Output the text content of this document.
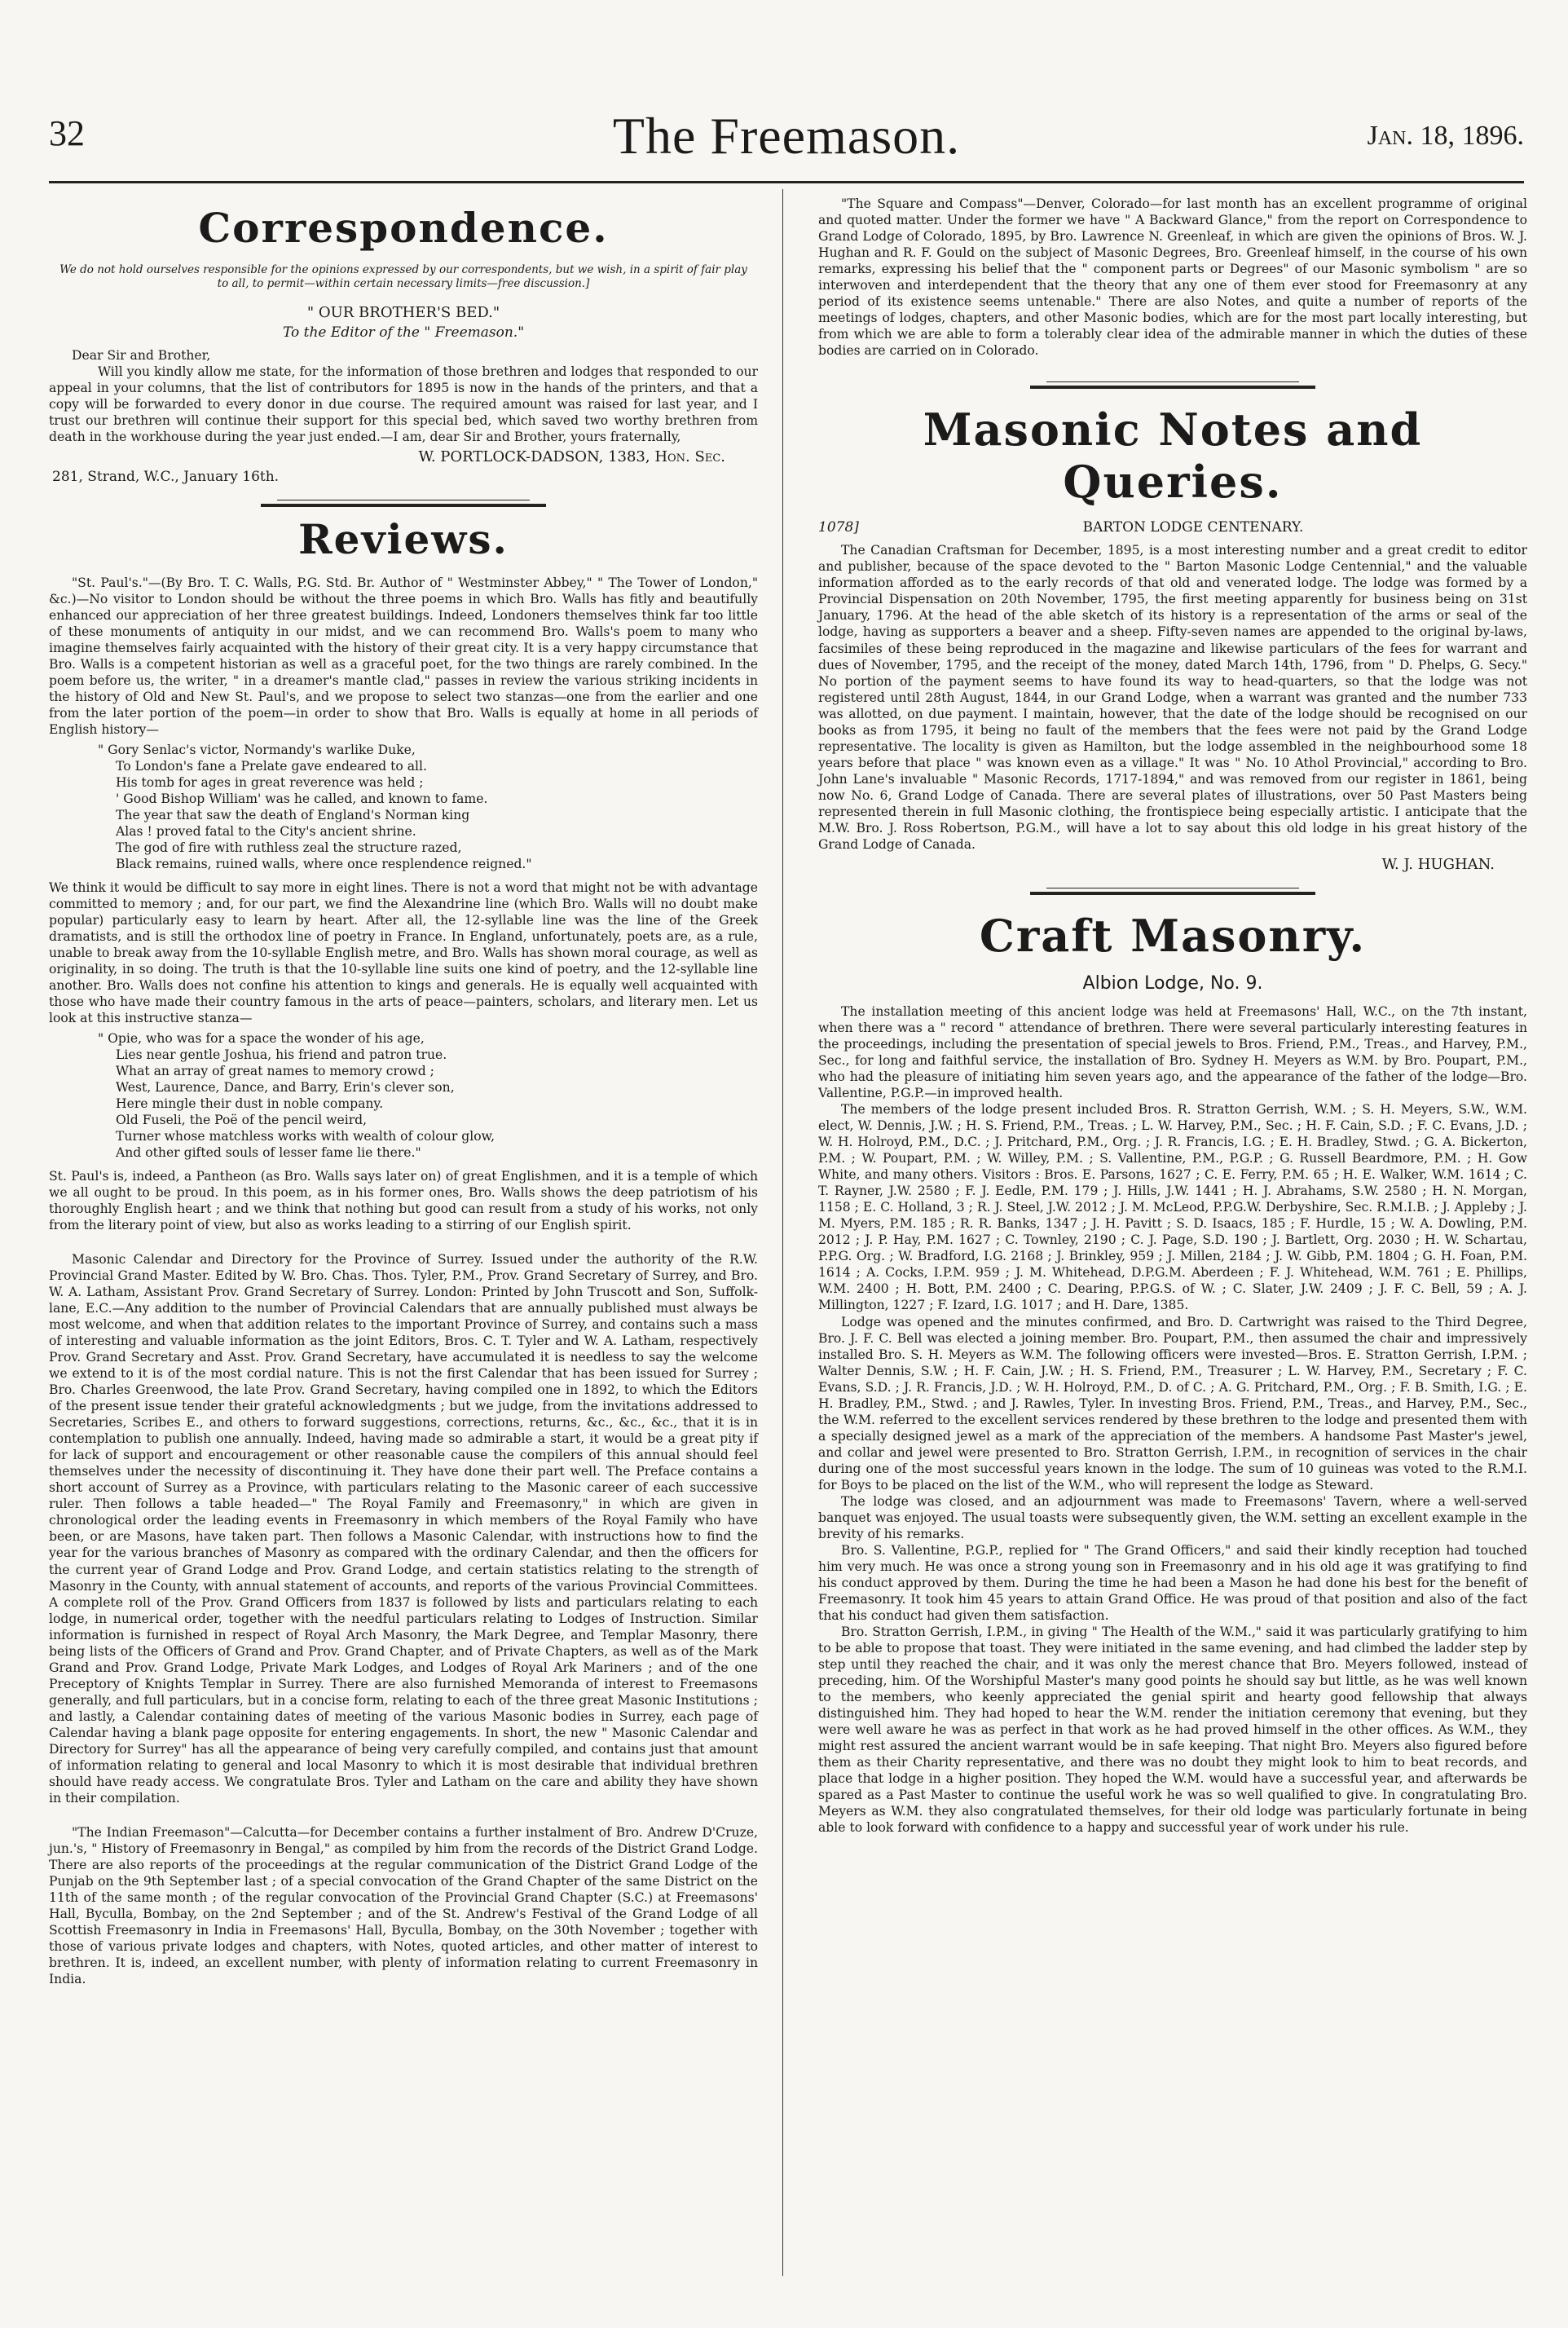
32	The Freemason.	Jan. 18, 1896.
Correspondence.
We do not hold ourselves responsible for the opinions expressed by our correspondents, but we wish, in a spirit of fair play to all, to permit—within certain necessary limits—free discussion.]
" OUR BROTHER'S BED."
To the Editor of the " Freemason."

Dear Sir and Brother,

Will you kindly allow me state, for the information of those brethren and lodges that responded to our appeal in your columns, that the list of contributors for 1895 is now in the hands of the printers, and that a copy will be forwarded to every donor in due course. The required amount was raised for last year, and I trust our brethren will continue their support for this special bed, which saved two worthy brethren from death in the workhouse during the year just ended.—I am, dear Sir and Brother, yours fraternally,

W. PORTLOCK-DADSON, 1383, Hon. Sec.
281, Strand, W.C., January 16th.
Reviews.

"St. Paul's."—(By Bro. T. C. Walls, P.G. Std. Br. Author of " Westminster Abbey," " The Tower of London," &c.)—No visitor to London should be without the three poems in which Bro. Walls has fitly and beautifully enhanced our appreciation of her three greatest buildings. Indeed, Londoners themselves think far too little of these monuments of antiquity in our midst, and we can recommend Bro. Walls's poem to many who imagine themselves fairly acquainted with the history of their great city. It is a very happy circumstance that Bro. Walls is a competent historian as well as a graceful poet, for the two things are rarely combined. In the poem before us, the writer, " in a dreamer's mantle clad," passes in review the various striking incidents in the history of Old and New St. Paul's, and we propose to select two stanzas—one from the earlier and one from the later portion of the poem—in order to show that Bro. Walls is equally at home in all periods of English history—

" Gory Senlac's victor, Normandy's warlike Duke,
To London's fane a Prelate gave endeared to all.
His tomb for ages in great reverence was held ;
' Good Bishop William' was he called, and known to fame.
The year that saw the death of England's Norman king
Alas ! proved fatal to the City's ancient shrine.
The god of fire with ruthless zeal the structure razed,
Black remains, ruined walls, where once resplendence reigned."

We think it would be difficult to say more in eight lines. There is not a word that might not be with advantage committed to memory ; and, for our part, we find the Alexandrine line (which Bro. Walls will no doubt make popular) particularly easy to learn by heart. After all, the 12-syllable line was the line of the Greek dramatists, and is still the orthodox line of poetry in France. In England, unfortunately, poets are, as a rule, unable to break away from the 10-syllable English metre, and Bro. Walls has shown moral courage, as well as originality, in so doing. The truth is that the 10-syllable line suits one kind of poetry, and the 12-syllable line another. Bro. Walls does not confine his attention to kings and generals. He is equally well acquainted with those who have made their country famous in the arts of peace—painters, scholars, and literary men. Let us look at this instructive stanza—

" Opie, who was for a space the wonder of his age,
Lies near gentle Joshua, his friend and patron true.
What an array of great names to memory crowd ;
West, Laurence, Dance, and Barry, Erin's clever son,
Here mingle their dust in noble company.
Old Fuseli, the Poë of the pencil weird,
Turner whose matchless works with wealth of colour glow,
And other gifted souls of lesser fame lie there."

St. Paul's is, indeed, a Pantheon (as Bro. Walls says later on) of great Englishmen, and it is a temple of which we all ought to be proud. In this poem, as in his former ones, Bro. Walls shows the deep patriotism of his thoroughly English heart ; and we think that nothing but good can result from a study of his works, not only from the literary point of view, but also as works leading to a stirring of our English spirit.

Masonic Calendar and Directory for the Province of Surrey. Issued under the authority of the R.W. Provincial Grand Master. Edited by W. Bro. Chas. Thos. Tyler, P.M., Prov. Grand Secretary of Surrey, and Bro. W. A. Latham, Assistant Prov. Grand Secretary of Surrey. London: Printed by John Truscott and Son, Suffolk-lane, E.C.—Any addition to the number of Provincial Calendars that are annually published must always be most welcome, and when that addition relates to the important Province of Surrey, and contains such a mass of interesting and valuable information as the joint Editors, Bros. C. T. Tyler and W. A. Latham, respectively Prov. Grand Secretary and Asst. Prov. Grand Secretary, have accumulated it is needless to say the welcome we extend to it is of the most cordial nature. This is not the first Calendar that has been issued for Surrey ; Bro. Charles Greenwood, the late Prov. Grand Secretary, having compiled one in 1892, to which the Editors of the present issue tender their grateful acknowledgments ; but we judge, from the invitations addressed to Secretaries, Scribes E., and others to forward suggestions, corrections, returns, &c., &c., &c., that it is in contemplation to publish one annually. Indeed, having made so admirable a start, it would be a great pity if for lack of support and encouragement or other reasonable cause the compilers of this annual should feel themselves under the necessity of discontinuing it. They have done their part well. The Preface contains a short account of Surrey as a Province, with particulars relating to the Masonic career of each successive ruler. Then follows a table headed—" The Royal Family and Freemasonry," in which are given in chronological order the leading events in Freemasonry in which members of the Royal Family who have been, or are Masons, have taken part. Then follows a Masonic Calendar, with instructions how to find the year for the various branches of Masonry as compared with the ordinary Calendar, and then the officers for the current year of Grand Lodge and Prov. Grand Lodge, and certain statistics relating to the strength of Masonry in the County, with annual statement of accounts, and reports of the various Provincial Committees. A complete roll of the Prov. Grand Officers from 1837 is followed by lists and particulars relating to each lodge, in numerical order, together with the needful particulars relating to Lodges of Instruction. Similar information is furnished in respect of Royal Arch Masonry, the Mark Degree, and Templar Masonry, there being lists of the Officers of Grand and Prov. Grand Chapter, and of Private Chapters, as well as of the Mark Grand and Prov. Grand Lodge, Private Mark Lodges, and Lodges of Royal Ark Mariners ; and of the one Preceptory of Knights Templar in Surrey. There are also furnished Memoranda of interest to Freemasons generally, and full particulars, but in a concise form, relating to each of the three great Masonic Institutions ; and lastly, a Calendar containing dates of meeting of the various Masonic bodies in Surrey, each page of Calendar having a blank page opposite for entering engagements. In short, the new " Masonic Calendar and Directory for Surrey" has all the appearance of being very carefully compiled, and contains just that amount of information relating to general and local Masonry to which it is most desirable that individual brethren should have ready access. We congratulate Bros. Tyler and Latham on the care and ability they have shown in their compilation.

"The Indian Freemason"—Calcutta—for December contains a further instalment of Bro. Andrew D'Cruze, jun.'s, " History of Freemasonry in Bengal," as compiled by him from the records of the District Grand Lodge. There are also reports of the proceedings at the regular communication of the District Grand Lodge of the Punjab on the 9th September last ; of a special convocation of the Grand Chapter of the same District on the 11th of the same month ; of the regular convocation of the Provincial Grand Chapter (S.C.) at Freemasons' Hall, Byculla, Bombay, on the 2nd September ; and of the St. Andrew's Festival of the Grand Lodge of all Scottish Freemasonry in India in Freemasons' Hall, Byculla, Bombay, on the 30th November ; together with those of various private lodges and chapters, with Notes, quoted articles, and other matter of interest to brethren. It is, indeed, an excellent number, with plenty of information relating to current Freemasonry in India.

"The Square and Compass"—Denver, Colorado—for last month has an excellent programme of original and quoted matter. Under the former we have " A Backward Glance," from the report on Correspondence to Grand Lodge of Colorado, 1895, by Bro. Lawrence N. Greenleaf, in which are given the opinions of Bros. W. J. Hughan and R. F. Gould on the subject of Masonic Degrees, Bro. Greenleaf himself, in the course of his own remarks, expressing his belief that the " component parts or Degrees" of our Masonic symbolism " are so interwoven and interdependent that the theory that any one of them ever stood for Freemasonry at any period of its existence seems untenable." There are also Notes, and quite a number of reports of the meetings of lodges, chapters, and other Masonic bodies, which are for the most part locally interesting, but from which we are able to form a tolerably clear idea of the admirable manner in which the duties of these bodies are carried on in Colorado.

Masonic Notes and Queries.
1078]	BARTON LODGE CENTENARY.

The Canadian Craftsman for December, 1895, is a most interesting number and a great credit to editor and publisher, because of the space devoted to the " Barton Masonic Lodge Centennial," and the valuable information afforded as to the early records of that old and venerated lodge. The lodge was formed by a Provincial Dispensation on 20th November, 1795, the first meeting apparently for business being on 31st January, 1796. At the head of the able sketch of its history is a representation of the arms or seal of the lodge, having as supporters a beaver and a sheep. Fifty-seven names are appended to the original by-laws, facsimiles of these being reproduced in the magazine and likewise particulars of the fees for warrant and dues of November, 1795, and the receipt of the money, dated March 14th, 1796, from " D. Phelps, G. Secy." No portion of the payment seems to have found its way to head-quarters, so that the lodge was not registered until 28th August, 1844, in our Grand Lodge, when a warrant was granted and the number 733 was allotted, on due payment. I maintain, however, that the date of the lodge should be recognised on our books as from 1795, it being no fault of the members that the fees were not paid by the Grand Lodge representative. The locality is given as Hamilton, but the lodge assembled in the neighbourhood some 18 years before that place " was known even as a village." It was " No. 10 Athol Provincial," according to Bro. John Lane's invaluable " Masonic Records, 1717-1894," and was removed from our register in 1861, being now No. 6, Grand Lodge of Canada. There are several plates of illustrations, over 50 Past Masters being represented therein in full Masonic clothing, the frontispiece being especially artistic. I anticipate that the M.W. Bro. J. Ross Robertson, P.G.M., will have a lot to say about this old lodge in his great history of the Grand Lodge of Canada.

W. J. HUGHAN.
Craft Masonry.
Albion Lodge, No. 9.

The installation meeting of this ancient lodge was held at Freemasons' Hall, W.C., on the 7th instant, when there was a " record " attendance of brethren. There were several particularly interesting features in the proceedings, including the presentation of special jewels to Bros. Friend, P.M., Treas., and Harvey, P.M., Sec., for long and faithful service, the installation of Bro. Sydney H. Meyers as W.M. by Bro. Poupart, P.M., who had the pleasure of initiating him seven years ago, and the appearance of the father of the lodge—Bro. Vallentine, P.G.P.—in improved health.

The members of the lodge present included Bros. R. Stratton Gerrish, W.M. ; S. H. Meyers, S.W., W.M. elect, W. Dennis, J.W. ; H. S. Friend, P.M., Treas. ; L. W. Harvey, P.M., Sec. ; H. F. Cain, S.D. ; F. C. Evans, J.D. ; W. H. Holroyd, P.M., D.C. ; J. Pritchard, P.M., Org. ; J. R. Francis, I.G. ; E. H. Bradley, Stwd. ; G. A. Bickerton, P.M. ; W. Poupart, P.M. ; W. Willey, P.M. ; S. Vallentine, P.M., P.G.P. ; G. Russell Beardmore, P.M. ; H. Gow White, and many others. Visitors : Bros. E. Parsons, 1627 ; C. E. Ferry, P.M. 65 ; H. E. Walker, W.M. 1614 ; C. T. Rayner, J.W. 2580 ; F. J. Eedle, P.M. 179 ; J. Hills, J.W. 1441 ; H. J. Abrahams, S.W. 2580 ; H. N. Morgan, 1158 ; E. C. Holland, 3 ; R. J. Steel, J.W. 2012 ; J. M. McLeod, P.P.G.W. Derbyshire, Sec. R.M.I.B. ; J. Appleby ; J. M. Myers, P.M. 185 ; R. R. Banks, 1347 ; J. H. Pavitt ; S. D. Isaacs, 185 ; F. Hurdle, 15 ; W. A. Dowling, P.M. 2012 ; J. P. Hay, P.M. 1627 ; C. Townley, 2190 ; C. J. Page, S.D. 190 ; J. Bartlett, Org. 2030 ; H. W. Schartau, P.P.G. Org. ; W. Bradford, I.G. 2168 ; J. Brinkley, 959 ; J. Millen, 2184 ; J. W. Gibb, P.M. 1804 ; G. H. Foan, P.M. 1614 ; A. Cocks, I.P.M. 959 ; J. M. Whitehead, D.P.G.M. Aberdeen ; F. J. Whitehead, W.M. 761 ; E. Phillips, W.M. 2400 ; H. Bott, P.M. 2400 ; C. Dearing, P.P.G.S. of W. ; C. Slater, J.W. 2409 ; J. F. C. Bell, 59 ; A. J. Millington, 1227 ; F. Izard, I.G. 1017 ; and H. Dare, 1385.

Lodge was opened and the minutes confirmed, and Bro. D. Cartwright was raised to the Third Degree, Bro. J. F. C. Bell was elected a joining member. Bro. Poupart, P.M., then assumed the chair and impressively installed Bro. S. H. Meyers as W.M. The following officers were invested—Bros. E. Stratton Gerrish, I.P.M. ; Walter Dennis, S.W. ; H. F. Cain, J.W. ; H. S. Friend, P.M., Treasurer ; L. W. Harvey, P.M., Secretary ; F. C. Evans, S.D. ; J. R. Francis, J.D. ; W. H. Holroyd, P.M., D. of C. ; A. G. Pritchard, P.M., Org. ; F. B. Smith, I.G. ; E. H. Bradley, P.M., Stwd. ; and J. Rawles, Tyler. In investing Bros. Friend, P.M., Treas., and Harvey, P.M., Sec., the W.M. referred to the excellent services rendered by these brethren to the lodge and presented them with a specially designed jewel as a mark of the appreciation of the members. A handsome Past Master's jewel, and collar and jewel were presented to Bro. Stratton Gerrish, I.P.M., in recognition of services in the chair during one of the most successful years known in the lodge. The sum of 10 guineas was voted to the R.M.I. for Boys to be placed on the list of the W.M., who will represent the lodge as Steward.

The lodge was closed, and an adjournment was made to Freemasons' Tavern, where a well-served banquet was enjoyed. The usual toasts were subsequently given, the W.M. setting an excellent example in the brevity of his remarks.

Bro. S. Vallentine, P.G.P., replied for " The Grand Officers," and said their kindly reception had touched him very much. He was once a strong young son in Freemasonry and in his old age it was gratifying to find his conduct approved by them. During the time he had been a Mason he had done his best for the benefit of Freemasonry. It took him 45 years to attain Grand Office. He was proud of that position and also of the fact that his conduct had given them satisfaction.

Bro. Stratton Gerrish, I.P.M., in giving " The Health of the W.M.," said it was particularly gratifying to him to be able to propose that toast. They were initiated in the same evening, and had climbed the ladder step by step until they reached the chair, and it was only the merest chance that Bro. Meyers followed, instead of preceding, him. Of the Worshipful Master's many good points he should say but little, as he was well known to the members, who keenly appreciated the genial spirit and hearty good fellowship that always distinguished him. They had hoped to hear the W.M. render the initiation ceremony that evening, but they were well aware he was as perfect in that work as he had proved himself in the other offices. As W.M., they might rest assured the ancient warrant would be in safe keeping. That night Bro. Meyers also figured before them as their Charity representative, and there was no doubt they might look to him to beat records, and place that lodge in a higher position. They hoped the W.M. would have a successful year, and afterwards be spared as a Past Master to continue the useful work he was so well qualified to give. In congratulating Bro. Meyers as W.M. they also congratulated themselves, for their old lodge was particularly fortunate in being able to look forward with confidence to a happy and successful year of work under his rule.
